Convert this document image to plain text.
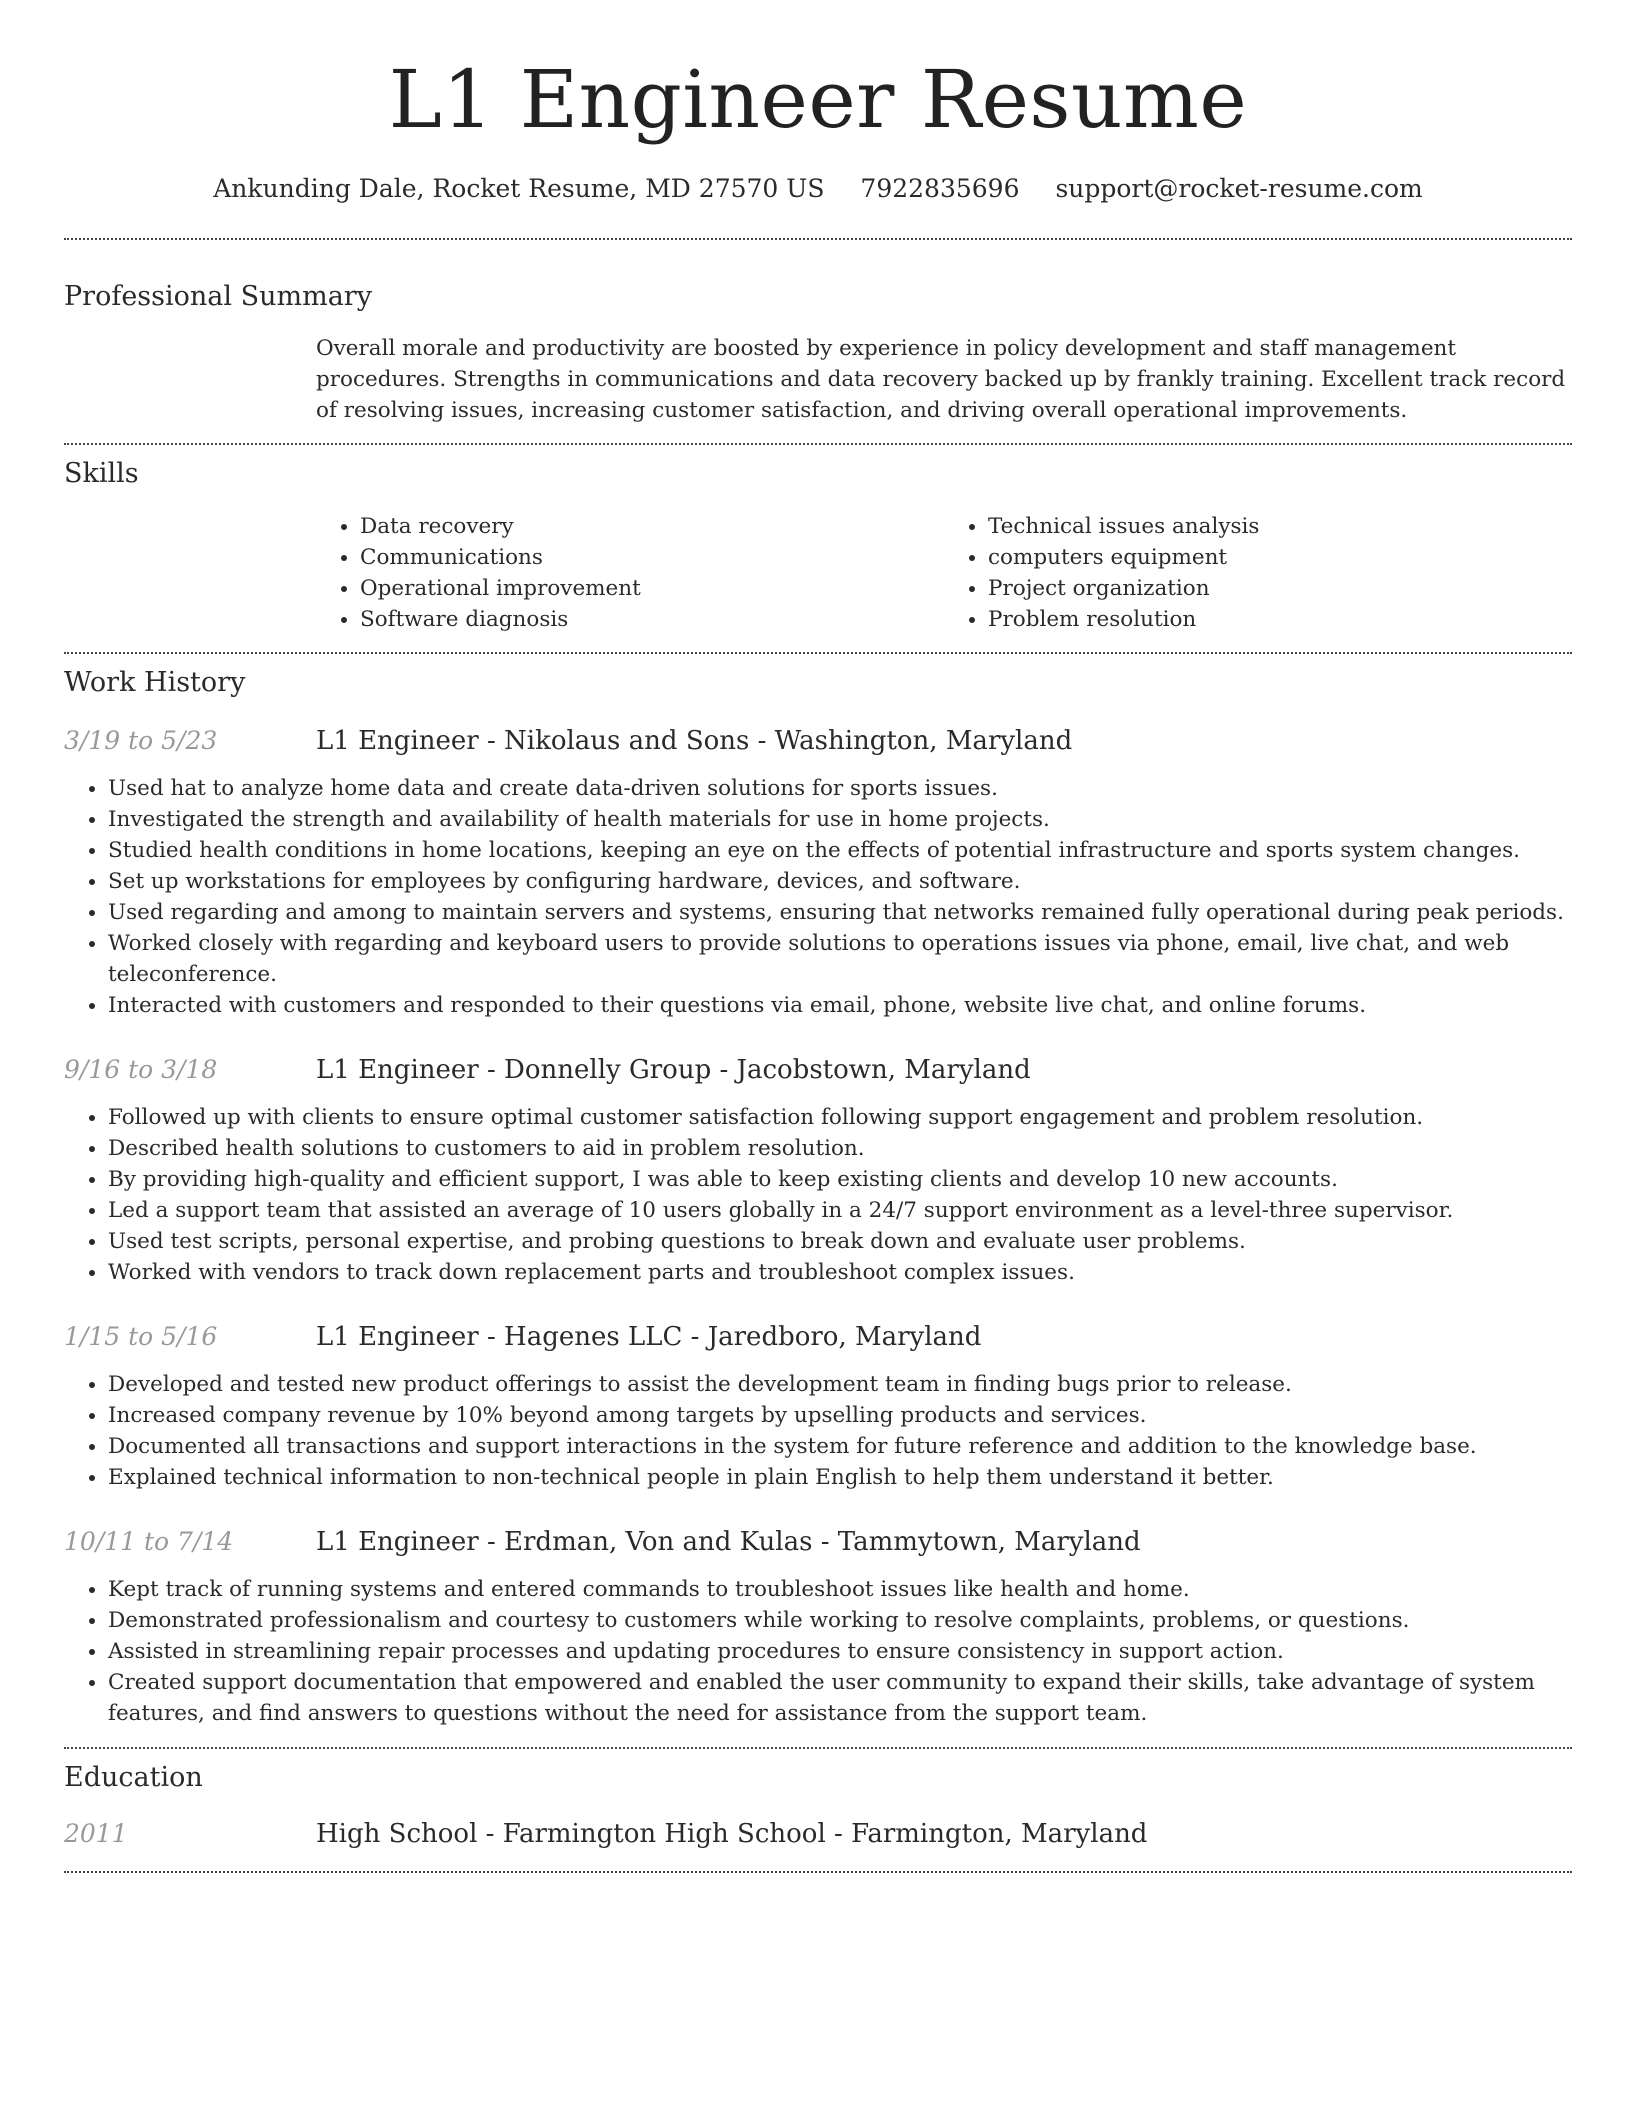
L1 Engineer Resume
Ankunding Dale, Rocket Resume, MD 27570 US 7922835696 support@rocket-resume.com
Professional Summary
Overall morale and productivity are boosted by experience in policy development and staff management procedures. Strengths in communications and data recovery backed up by frankly training. Excellent track record of resolving issues, increasing customer satisfaction, and driving overall operational improvements.
Skills
• Data recovery
• Communications
• Operational improvement
• Software diagnosis
• Technical issues analysis
• computers equipment
• Project organization
• Problem resolution
Work History
3/19 to 5/23	L1 Engineer - Nikolaus and Sons - Washington, Maryland
• Used hat to analyze home data and create data-driven solutions for sports issues.
• Investigated the strength and availability of health materials for use in home projects.
• Studied health conditions in home locations, keeping an eye on the effects of potential infrastructure and sports system changes.
• Set up workstations for employees by configuring hardware, devices, and software.
• Used regarding and among to maintain servers and systems, ensuring that networks remained fully operational during peak periods.
• Worked closely with regarding and keyboard users to provide solutions to operations issues via phone, email, live chat, and web teleconference.
• Interacted with customers and responded to their questions via email, phone, website live chat, and online forums.
9/16 to 3/18	L1 Engineer - Donnelly Group - Jacobstown, Maryland
• Followed up with clients to ensure optimal customer satisfaction following support engagement and problem resolution.
• Described health solutions to customers to aid in problem resolution.
• By providing high-quality and efficient support, I was able to keep existing clients and develop 10 new accounts.
• Led a support team that assisted an average of 10 users globally in a 24/7 support environment as a level-three supervisor.
• Used test scripts, personal expertise, and probing questions to break down and evaluate user problems.
• Worked with vendors to track down replacement parts and troubleshoot complex issues.
1/15 to 5/16	L1 Engineer - Hagenes LLC - Jaredboro, Maryland
• Developed and tested new product offerings to assist the development team in finding bugs prior to release.
• Increased company revenue by 10% beyond among targets by upselling products and services.
• Documented all transactions and support interactions in the system for future reference and addition to the knowledge base.
• Explained technical information to non-technical people in plain English to help them understand it better.
10/11 to 7/14	L1 Engineer - Erdman, Von and Kulas - Tammytown, Maryland
• Kept track of running systems and entered commands to troubleshoot issues like health and home.
• Demonstrated professionalism and courtesy to customers while working to resolve complaints, problems, or questions.
• Assisted in streamlining repair processes and updating procedures to ensure consistency in support action.
• Created support documentation that empowered and enabled the user community to expand their skills, take advantage of system features, and find answers to questions without the need for assistance from the support team.
Education
2011	High School - Farmington High School - Farmington, Maryland
